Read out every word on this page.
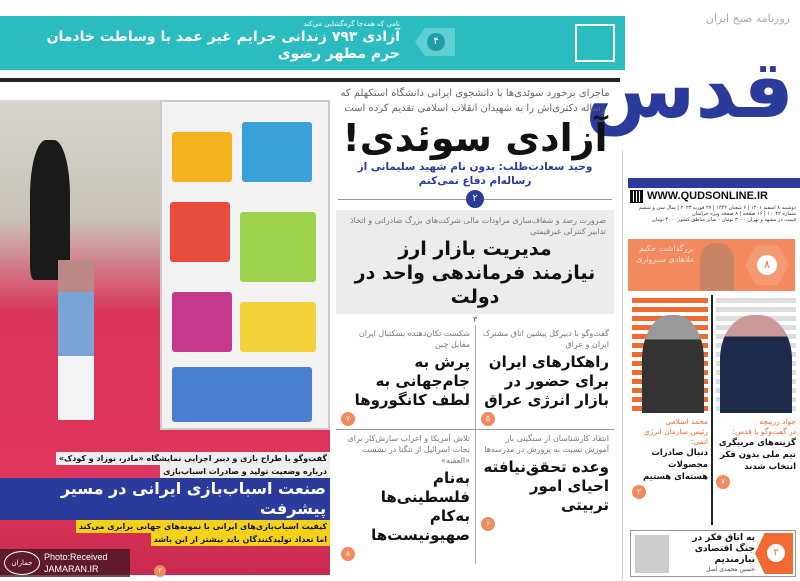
نامی که همه‌جا گره‌گشایی می‌کند
آزادی ۷۹۳ زندانی جرایم غیر عمد با وساطت خادمان حرم مطهر رضوی
۴
روزنامه صبح ایران
قدس
WWW.QUDSONLINE.IR
دوشنبه ۸ اسفند ۱۴۰۱ | ۶ شعبان ۱۴۴۴ | ۲۷ فوریه ۲۰۲۳ | سال سی و ششم
شماره ۱۰۰۴۲ | ۱۶ صفحه | ۸ صفحه ویژه خراسان
قیمت در مشهد و تهران ۳۰۰۰ تومان - سایر مناطق کشور ۴۰۰۰ تومان
بزرگداشت حکیم ملاهادی سبزواری	۸
محمد اسلامی
رئیس سازمان انرژی اتمی:
دنبال صادرات محصولات هسته‌ای هستیم
۲
جواد زرینچه
در گفت‌وگو با قدس:
گزینه‌های مربیگری تیم ملی بدون فکر انتخاب شدند
۷
به اتاق فکر در جنگ اقتصادی نیازمندیم
حسین محمدی اصل
۲
ماجرای برخورد سوئدی‌ها با دانشجوی ایرانی دانشگاه استکهلم که رساله دکتری‌اش را به شهیدان انقلاب اسلامی تقدیم کرده است
آزادی سوئدی!
وحید سعادت‌طلب: بدون نام شهید سلیمانی از رساله‌ام دفاع نمی‌کنم
۲
ضرورت رصد و شفاف‌سازی مراودات مالی شرکت‌های بزرگ صادراتی و اتخاذ تدابیر کنترلی غیرقیمتی
مدیریت بازار ارز
نیازمند فرماندهی واحد در دولت
۳
گفت‌وگو با دبیرکل پیشین اتاق مشترک ایران و عراق
راهکارهای ایران برای حضور در بازار انرژی عراق
۵
شکست تکان‌دهنده بسکتبال ایران مقابل چین
پرش به جام‌جهانی به لطف کانگوروها
۷
انتقاد کارشناسان از سنگینی بار آموزش نسبت به پرورش در مدرسه‌ها
وعده تحقق‌نیافته احیای امور تربیتی
۶
تلاش آمریکا و اعراب سازش‌کار برای نجات اسرائیل از تنگنا در نشست «العقبه»
به‌نام فلسطینی‌ها به‌کام صهیونیست‌ها
۸
گفت‌وگو با طراح بازی و دبیر اجرایی نمایشگاه «مادر، نوزاد و کودک»
درباره وضعیت تولید و صادرات اسباب‌بازی
صنعت اسباب‌بازی ایرانی در مسیر پیشرفت
کیفیت اسباب‌بازی‌های ایرانی با نمونه‌های جهانی برابری می‌کند
اما تعداد تولیدکنندگان باید بیشتر از این باشد
جماران
Photo:Received
JAMARAN.IR	۴
